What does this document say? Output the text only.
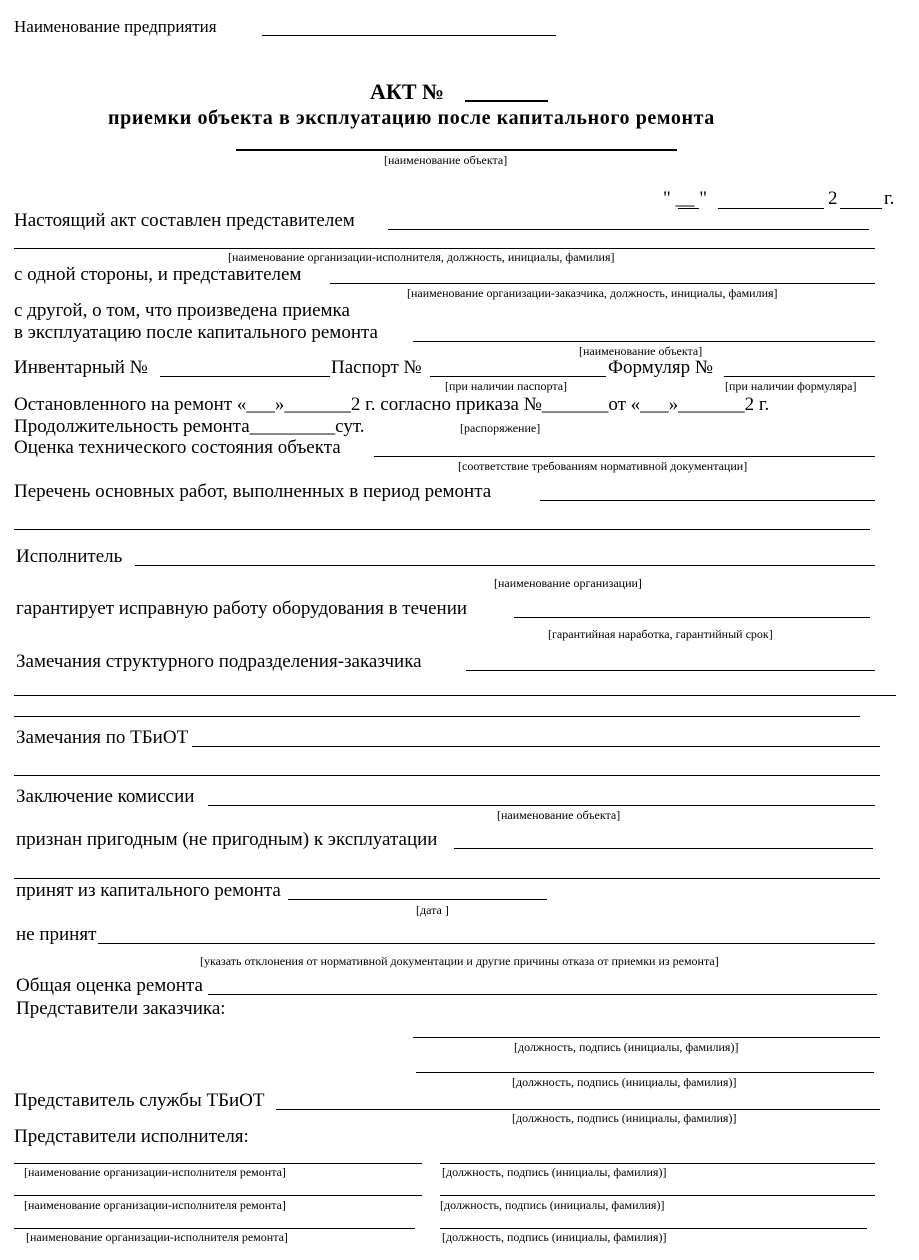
Наименование предприятия
АКТ №
приемки объекта в эксплуатацию после капитального ремонта
[наименование объекта]
" __ "	2 г.
Настоящий акт составлен представителем
[наименование организации-исполнителя, должность, инициалы, фамилия]
с одной стороны, и представителем
[наименование организации-заказчика, должность, инициалы, фамилия]
с другой, о том, что произведена приемка
в эксплуатацию после капитального ремонта
[наименование объекта]
Инвентарный №	Паспорт №	Формуляр №
[при наличии паспорта]	[при наличии формуляра]
Остановленного на ремонт «___»_______2 г. согласно приказа №_______от «___»_______2 г.
Продолжительность ремонта_________сут.	[распоряжение]
Оценка технического состояния объекта
[соответствие требованиям нормативной документации]
Перечень основных работ, выполненных в период ремонта
Исполнитель
[наименование организации]
гарантирует исправную работу оборудования в течении
[гарантийная наработка, гарантийный срок]
Замечания структурного подразделения-заказчика
Замечания по ТБиОТ
Заключение комиссии
[наименование объекта]
признан пригодным (не пригодным) к эксплуатации
принят из капитального ремонта
[дата ]
не принят
[указать отклонения от нормативной документации и другие причины отказа от приемки из ремонта]
Общая оценка ремонта
Представители заказчика:
[должность, подпись (инициалы, фамилия)]
[должность, подпись (инициалы, фамилия)]
Представитель службы ТБиОТ
[должность, подпись (инициалы, фамилия)]
Представители исполнителя:
[наименование организации-исполнителя ремонта]	[должность, подпись (инициалы, фамилия)]
[наименование организации-исполнителя ремонта]	[должность, подпись (инициалы, фамилия)]
[наименование организации-исполнителя ремонта]	[должность, подпись (инициалы, фамилия)]
